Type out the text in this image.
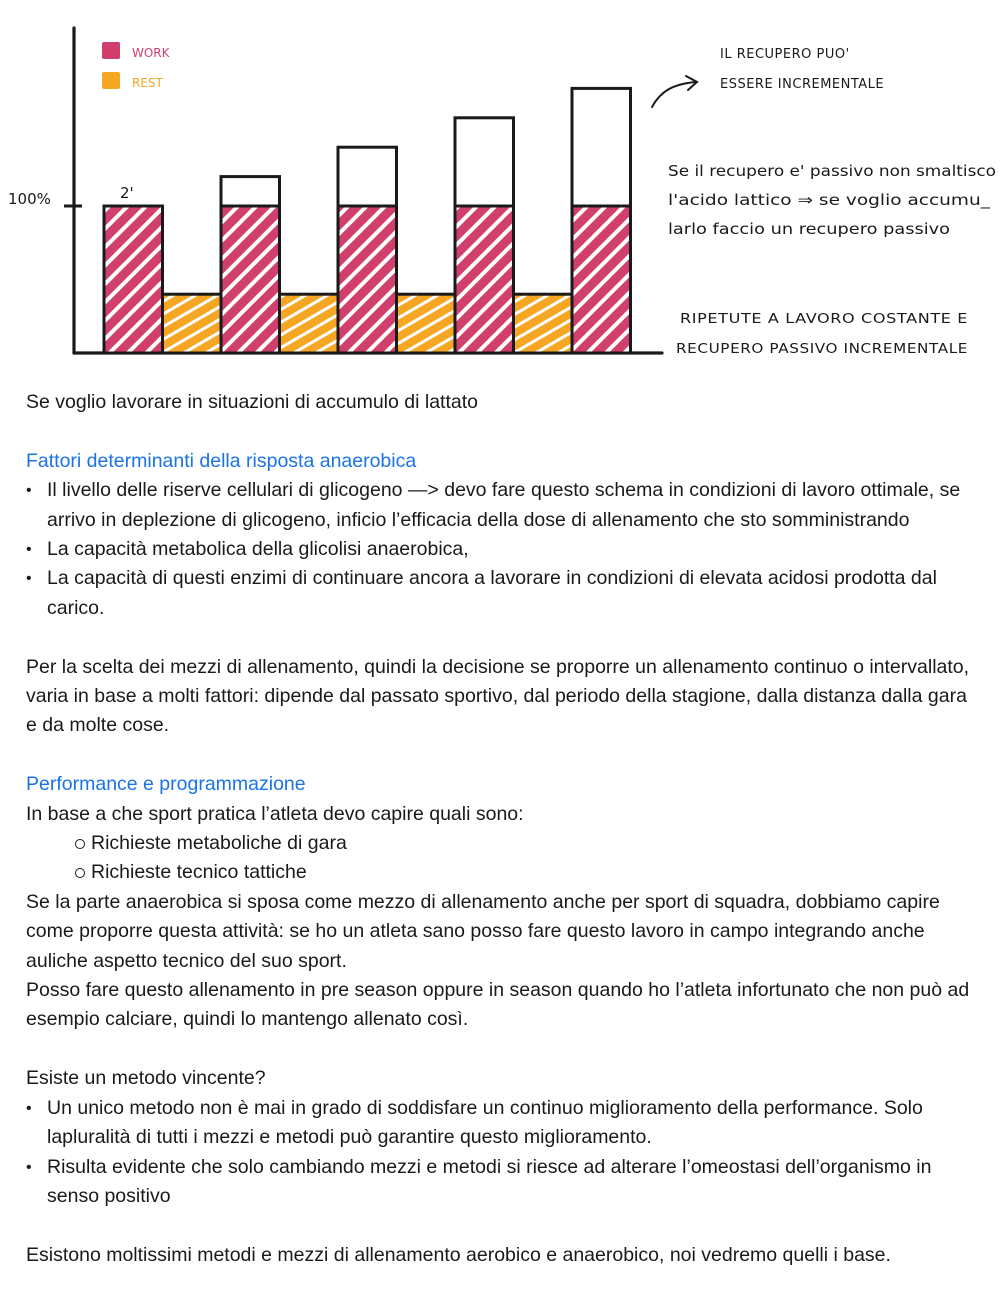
100%	2'
WORK
REST
IL RECUPERO PUO'
ESSERE INCREMENTALE
Se il recupero e' passivo non smaltisco
l'acido lattico ⇒ se voglio accumu_
larlo faccio un recupero passivo
RIPETUTE A LAVORO COSTANTE E
RECUPERO PASSIVO INCREMENTALE

Se voglio lavorare in situazioni di accumulo di lattato

Fattori determinanti della risposta anaerobica

• Il livello delle riserve cellulari di glicogeno —> devo fare questo schema in condizioni di lavoro ottimale, se arrivo in deplezione di glicogeno, inficio l’efficacia della dose di allenamento che sto somministrando
• La capacità metabolica della glicolisi anaerobica,
• La capacità di questi enzimi di continuare ancora a lavorare in condizioni di elevata acidosi prodotta dal carico.

Per la scelta dei mezzi di allenamento, quindi la decisione se proporre un allenamento continuo o intervallato, varia in base a molti fattori: dipende dal passato sportivo, dal periodo della stagione, dalla distanza dalla gara e da molte cose.

Performance e programmazione

In base a che sport pratica l’atleta devo capire quali sono:

Richieste metaboliche di gara
Richieste tecnico tattiche

Se la parte anaerobica si sposa come mezzo di allenamento anche per sport di squadra, dobbiamo capire come proporre questa attività: se ho un atleta sano posso fare questo lavoro in campo integrando anche auliche aspetto tecnico del suo sport.

Posso fare questo allenamento in pre season oppure in season quando ho l’atleta infortunato che non può ad esempio calciare, quindi lo mantengo allenato così.

Esiste un metodo vincente?

• Un unico metodo non è mai in grado di soddisfare un continuo miglioramento della performance. Solo lapluralità di tutti i mezzi e metodi può garantire questo miglioramento.
• Risulta evidente che solo cambiando mezzi e metodi si riesce ad alterare l’omeostasi dell’organismo in senso positivo

Esistono moltissimi metodi e mezzi di allenamento aerobico e anaerobico, noi vedremo quelli i base.
